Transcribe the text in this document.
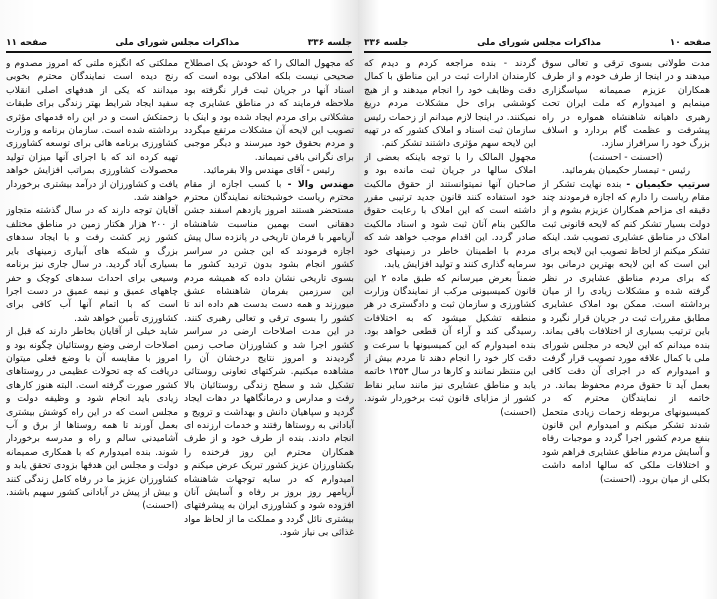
جلسه ۳۳۶
مذاکرات مجلس شورای ملی
صفحه ۱۱

که مجهول المالک را که خودش یک اصطلاح صحیحی نیست بلکه املاکی بوده است که اسناد آنها در جریان ثبت قرار نگرفته بود ملاحظه فرمایند که در مناطق عشایری چه مشکلاتی برای مردم ایجاد شده بود و اینک با تصویب این لایحه آن مشکلات مرتفع میگردد و مردم بحقوق خود میرسند و دیگر موجبی برای نگرانی باقی نمیماند.

رئیس - آقای مهندس والا بفرمائید.

مهندس والا - با کسب اجازه از مقام محترم ریاست خوشبختانه نمایندگان محترم مستحضر هستند امروز یازدهم اسفند جشن دهقانی است بهمین مناسبت شاهنشاه آریامهر با فرمان تاریخی در پانزده سال پیش اجازه فرمودند که این جشن در سراسر کشور انجام بشود بدون تردید کشور ما بسوی تاریخی نشان داده که همیشه مردم این سرزمین بفرمان شاهنشاه عشق میورزند و همه دست بدست هم داده اند تا کشور را بسوی ترقی و تعالی رهبری کنند. در این مدت اصلاحات ارضی در سراسر کشور اجرا شد و کشاورزان صاحب زمین گردیدند و امروز نتایج درخشان آن را مشاهده میکنیم. شرکتهای تعاونی روستائی تشکیل شد و سطح زندگی روستائیان بالا رفت و مدارس و درمانگاهها در دهات ایجاد گردید و سپاهیان دانش و بهداشت و ترویج و آبادانی به روستاها رفتند و خدمات ارزنده ای انجام دادند. بنده از طرف خود و از طرف همکاران محترم این روز فرخنده را بکشاورزان عزیز کشور تبریک عرض میکنم و امیدوارم که در سایه توجهات شاهنشاه آریامهر روز بروز بر رفاه و آسایش آنان افزوده شود و کشاورزی ایران به پیشرفتهای بیشتری نائل گردد و مملکت ما از لحاظ مواد غذائی بی نیاز شود.

مملکتی که انگیزه ملتی که امروز مصدوم و رنج دیده است نمایندگان محترم بخوبی میدانند که یکی از هدفهای اصلی انقلاب سفید ایجاد شرایط بهتر زندگی برای طبقات زحمتکش است و در این راه قدمهای مؤثری برداشته شده است. سازمان برنامه و وزارت کشاورزی برنامه هائی برای توسعه کشاورزی تهیه کرده اند که با اجرای آنها میزان تولید محصولات کشاورزی بمراتب افزایش خواهد یافت و کشاورزان از درآمد بیشتری برخوردار خواهند شد.

آقایان توجه دارند که در سال گذشته متجاوز از ۲۰۰ هزار هکتار زمین در مناطق مختلف کشور زیر کشت رفت و با ایجاد سدهای بزرگ و شبکه های آبیاری زمینهای بایر بسیاری آباد گردید. در سال جاری نیز برنامه وسیعی برای احداث سدهای کوچک و حفر چاههای عمیق و نیمه عمیق در دست اجرا است که با اتمام آنها آب کافی برای کشاورزی تأمین خواهد شد.

شاید خیلی از آقایان بخاطر دارند که قبل از اصلاحات ارضی وضع روستائیان چگونه بود و امروز با مقایسه آن با وضع فعلی میتوان دریافت که چه تحولات عظیمی در روستاهای کشور صورت گرفته است. البته هنوز کارهای زیادی باید انجام شود و وظیفه دولت و مجلس است که در این راه کوشش بیشتری بعمل آورند تا همه روستاها از برق و آب آشامیدنی سالم و راه و مدرسه برخوردار شوند. بنده امیدوارم که با همکاری صمیمانه دولت و مجلس این هدفها بزودی تحقق یابد و کشاورزان عزیز ما در رفاه کامل زندگی کنند و بیش از پیش در آبادانی کشور سهیم باشند. (احسنت)

صفحه ۱۰
مذاکرات مجلس شورای ملی
جلسه ۳۳۶

مدت طولانی بسوی ترقی و تعالی سوق میدهند و در اینجا از طرف خودم و از طرف همکاران عزیزم صمیمانه سپاسگزاری مینمایم و امیدوارم که ملت ایران تحت رهبری داهیانه شاهنشاه همواره در راه پیشرفت و عظمت گام بردارد و اسلاف بزرگ خود را سرافراز سازد.

(احسنت - احسنت)

رئیس - تیمسار حکیمیان بفرمائید.

سرتیپ حکیمیان - بنده نهایت تشکر از مقام ریاست را دارم که اجازه فرمودند چند دقیقه ای مزاحم همکاران عزیزم بشوم و از دولت بسیار تشکر کنم که لایحه قانونی ثبت املاک در مناطق عشایری تصویب شد. اینکه تشکر میکنم از لحاظ تصویب این لایحه برای این است که این لایحه بهترین درمانی بود که برای مردم مناطق عشایری در نظر گرفته شده و مشکلات زیادی را از میان برداشته است. ممکن بود املاک عشایری مطابق مقررات ثبت در جریان قرار نگیرد و باین ترتیب بسیاری از اختلافات باقی بماند. بنده میدانم که این لایحه در مجلس شورای ملی با کمال علاقه مورد تصویب قرار گرفت و امیدوارم که در اجرای آن دقت کافی بعمل آید تا حقوق مردم محفوظ بماند. در خاتمه از نمایندگان محترم که در کمیسیونهای مربوطه زحمات زیادی متحمل شدند تشکر میکنم و امیدوارم این قانون بنفع مردم کشور اجرا گردد و موجبات رفاه و آسایش مردم مناطق عشایری فراهم شود و اختلافات ملکی که سالها ادامه داشت بکلی از میان برود. (احسنت)

گردند - بنده مراجعه کردم و دیدم که کارمندان ادارات ثبت در این مناطق با کمال دقت وظایف خود را انجام میدهند و از هیچ کوششی برای حل مشکلات مردم دریغ نمیکنند. در اینجا لازم میدانم از زحمات رئیس سازمان ثبت اسناد و املاک کشور که در تهیه این لایحه سهم مؤثری داشتند تشکر کنم.

مجهول المالک را با توجه باینکه بعضی از املاک سالها در جریان ثبت مانده بود و صاحبان آنها نمیتوانستند از حقوق مالکیت خود استفاده کنند قانون جدید ترتیبی مقرر داشته است که این املاک با رعایت حقوق مالکین بنام آنان ثبت شود و اسناد مالکیت صادر گردد. این اقدام موجب خواهد شد که مردم با اطمینان خاطر در زمینهای خود سرمایه گذاری کنند و تولید افزایش یابد.

ضمناً بعرض میرسانم که طبق ماده ۲ این قانون کمیسیونی مرکب از نمایندگان وزارت کشاورزی و سازمان ثبت و دادگستری در هر منطقه تشکیل میشود که به اختلافات رسیدگی کند و آراء آن قطعی خواهد بود. بنده امیدوارم که این کمیسیونها با سرعت و دقت کار خود را انجام دهند تا مردم بیش از این منتظر نمانند و کارها در سال ۱۳۵۳ خاتمه یابد و مناطق عشایری نیز مانند سایر نقاط کشور از مزایای قانون ثبت برخوردار شوند. (احسنت)
